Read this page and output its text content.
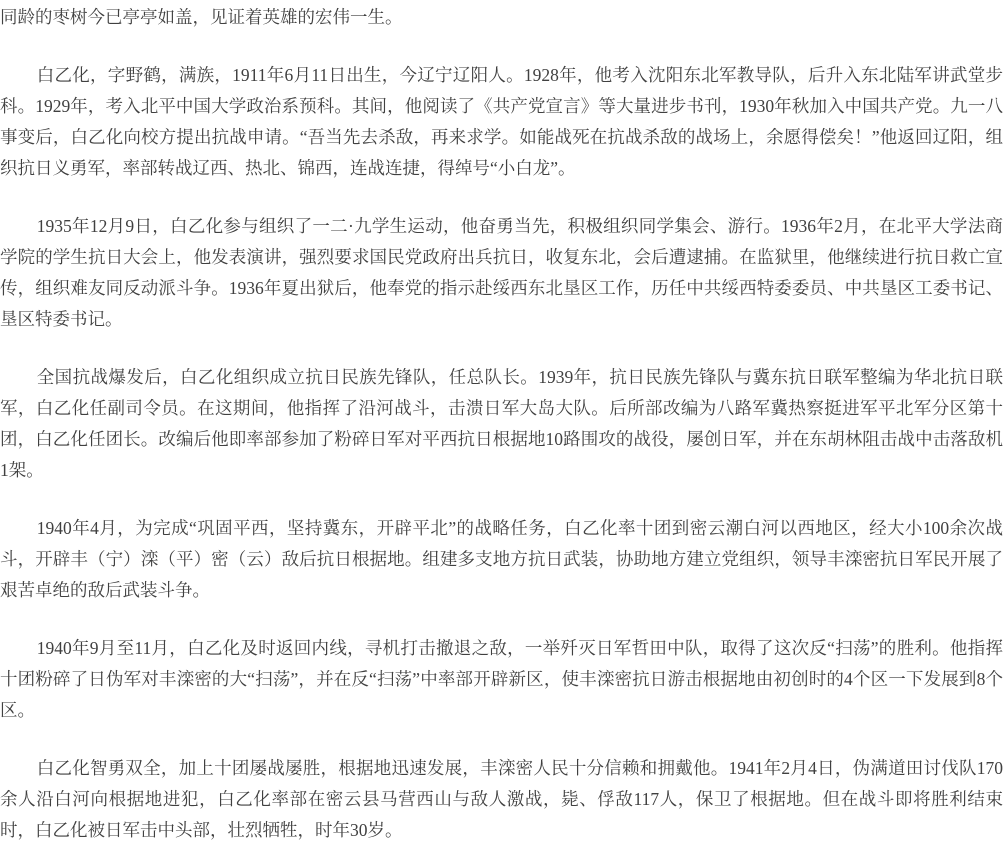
同龄的枣树今已亭亭如盖，见证着英雄的宏伟一生。

白乙化，字野鹤，满族，1911年6月11日出生，今辽宁辽阳人。1928年，他考入沈阳东北军教导队，后升入东北陆军讲武堂步科。1929年，考入北平中国大学政治系预科。其间，他阅读了《共产党宣言》等大量进步书刊，1930年秋加入中国共产党。九一八事变后，白乙化向校方提出抗战申请。“吾当先去杀敌，再来求学。如能战死在抗战杀敌的战场上，余愿得偿矣！”他返回辽阳，组织抗日义勇军，率部转战辽西、热北、锦西，连战连捷，得绰号“小白龙”。

1935年12月9日，白乙化参与组织了一二·九学生运动，他奋勇当先，积极组织同学集会、游行。1936年2月，在北平大学法商学院的学生抗日大会上，他发表演讲，强烈要求国民党政府出兵抗日，收复东北，会后遭逮捕。在监狱里，他继续进行抗日救亡宣传，组织难友同反动派斗争。1936年夏出狱后，他奉党的指示赴绥西东北垦区工作，历任中共绥西特委委员、中共垦区工委书记、垦区特委书记。

全国抗战爆发后，白乙化组织成立抗日民族先锋队，任总队长。1939年，抗日民族先锋队与冀东抗日联军整编为华北抗日联军，白乙化任副司令员。在这期间，他指挥了沿河战斗，击溃日军大岛大队。后所部改编为八路军冀热察挺进军平北军分区第十团，白乙化任团长。改编后他即率部参加了粉碎日军对平西抗日根据地10路围攻的战役，屡创日军，并在东胡林阻击战中击落敌机1架。

1940年4月，为完成“巩固平西，坚持冀东，开辟平北”的战略任务，白乙化率十团到密云潮白河以西地区，经大小100余次战斗，开辟丰（宁）滦（平）密（云）敌后抗日根据地。组建多支地方抗日武装，协助地方建立党组织，领导丰滦密抗日军民开展了艰苦卓绝的敌后武装斗争。

1940年9月至11月，白乙化及时返回内线，寻机打击撤退之敌，一举歼灭日军哲田中队，取得了这次反“扫荡”的胜利。他指挥十团粉碎了日伪军对丰滦密的大“扫荡”，并在反“扫荡”中率部开辟新区，使丰滦密抗日游击根据地由初创时的4个区一下发展到8个区。

白乙化智勇双全，加上十团屡战屡胜，根据地迅速发展，丰滦密人民十分信赖和拥戴他。1941年2月4日，伪满道田讨伐队170余人沿白河向根据地进犯，白乙化率部在密云县马营西山与敌人激战，毙、俘敌117人，保卫了根据地。但在战斗即将胜利结束时，白乙化被日军击中头部，壮烈牺牲，时年30岁。
